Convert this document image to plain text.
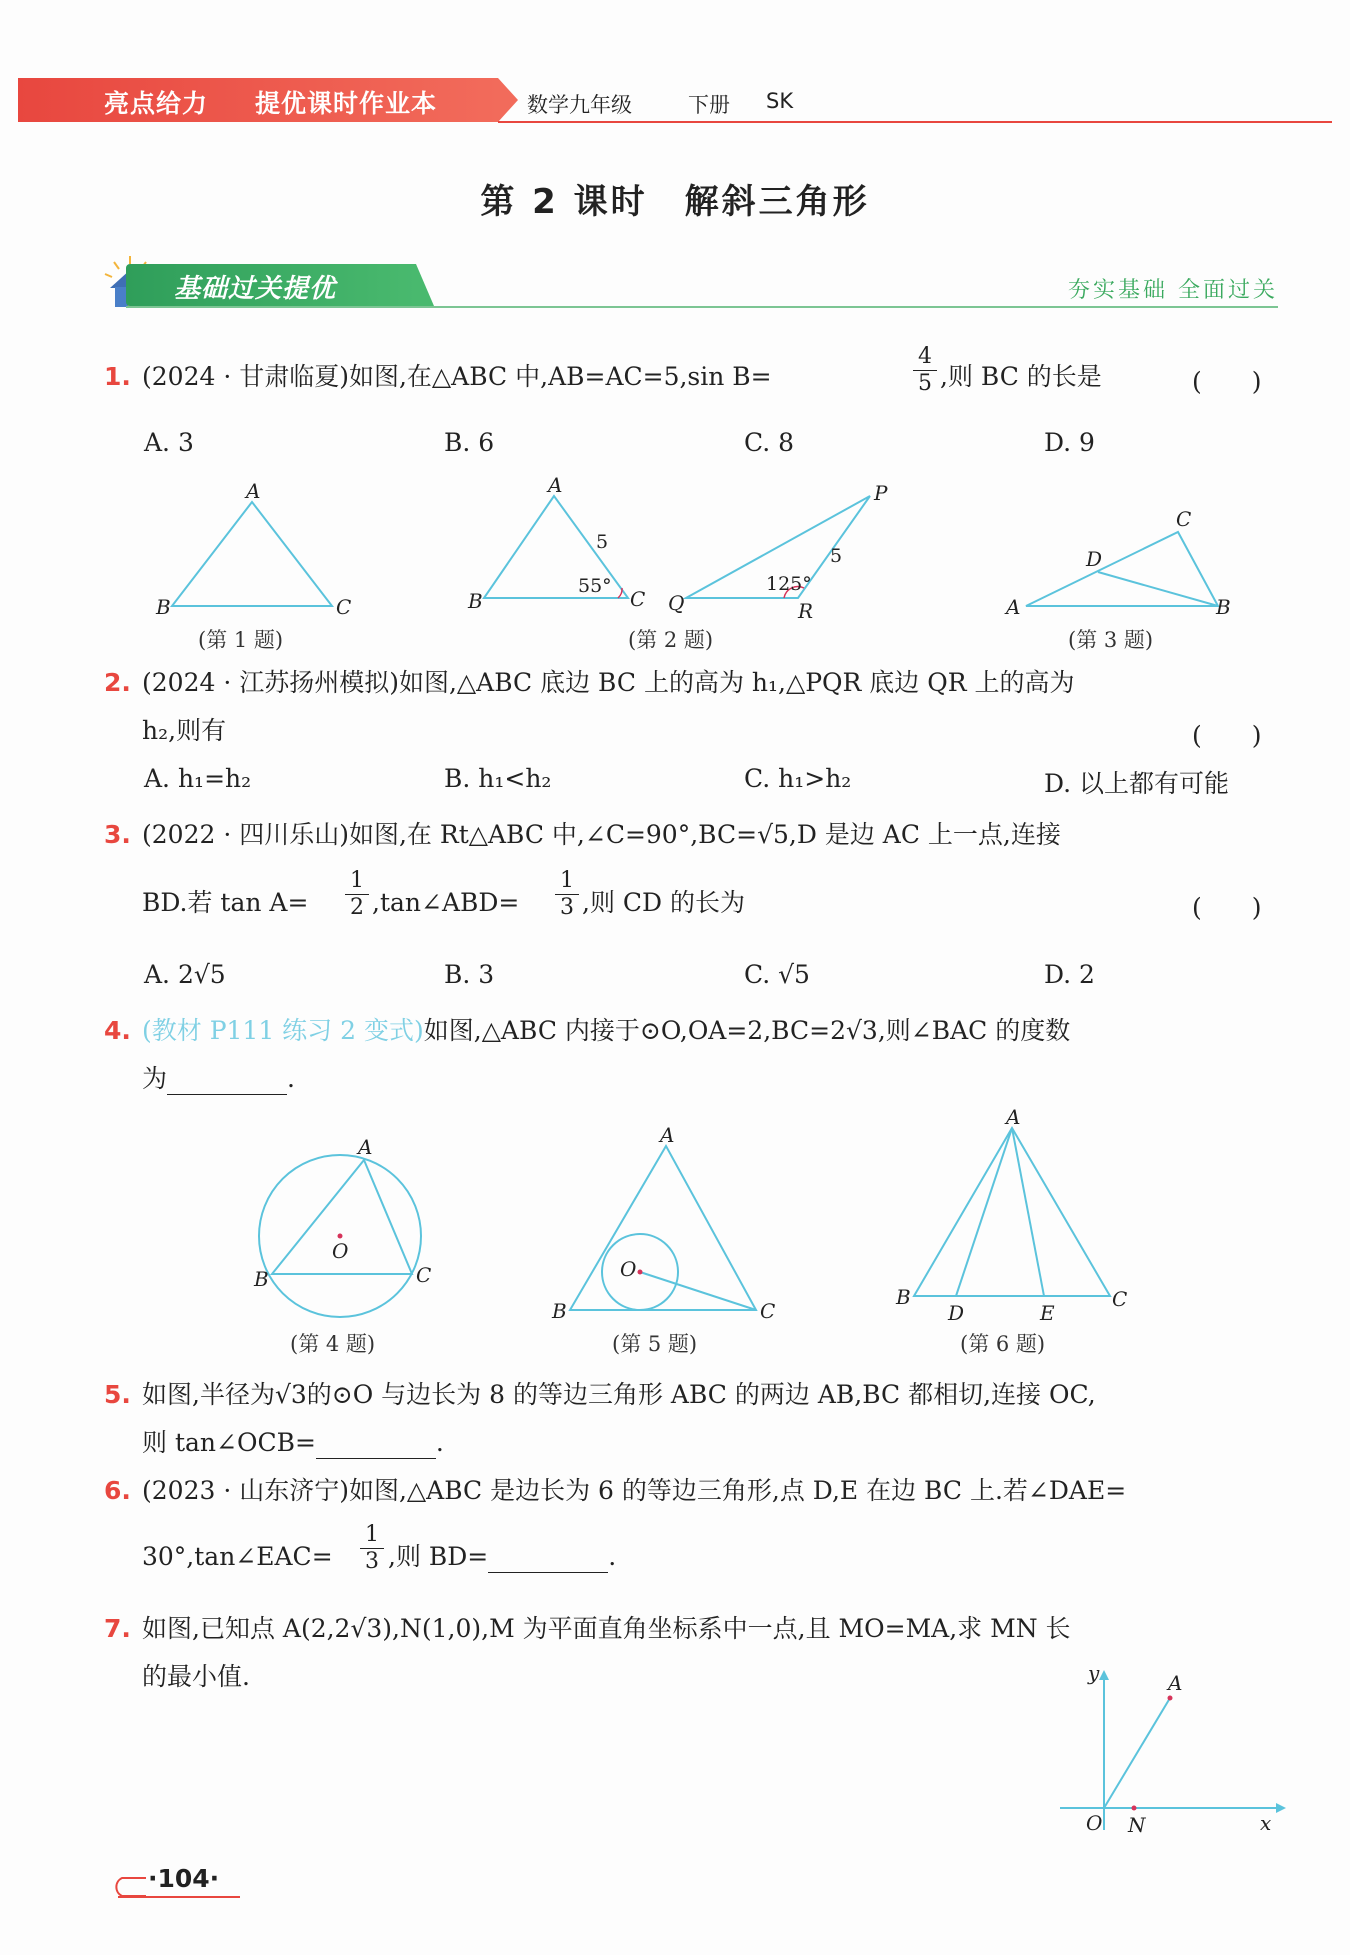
亮点给力 提优课时作业本	数学九年级	下册 SK
第 2 课时　解斜三角形
基础过关提优	夯实基础 全面过关
1. (2024 · 甘肃临夏)如图,在△ABC 中,AB=AC=5,sin B=	$\frac{4}{5}$ ,则 BC 的长是	(　　)
A. 3	B. 6	C. 8	D. 9
A
B	C
(第 1 题)
A
B	C
5
55°
P
Q	R
5
125°
(第 2 题)
C
D
A	B
(第 3 题)
2. (2024 · 江苏扬州模拟)如图,△ABC 底边 BC 上的高为 h₁,△PQR 底边 QR 上的高为
h₂,则有	(　　)
A. h₁=h₂	B. h₁<h₂	C. h₁>h₂	D. 以上都有可能
3. (2022 · 四川乐山)如图,在 Rt△ABC 中,∠C=90°,BC=√5,D 是边 AC 上一点,连接
BD.若 $\tan A= \frac{1}{2}$ ,tan∠ABD= $\frac{1}{3}$ ,则 CD 的长为	(　　)
A. 2√5	B. 3	C. √5	D. 2
4. (教材 P111 练习 2 变式)如图,△ABC 内接于⊙O,OA=2,BC=2√3,则∠BAC 的度数
为	.
A
B	C
O
(第 4 题)
A
B	C
O
(第 5 题)
A
B	C
D	E
(第 6 题)
5. 如图,半径为√3的⊙O 与边长为 8 的等边三角形 ABC 的两边 AB,BC 都相切,连接 OC,
则 tan∠OCB=	.
6. (2023 · 山东济宁)如图,△ABC 是边长为 6 的等边三角形,点 D,E 在边 BC 上.若∠DAE=
30°,tan∠EAC= $\frac{1}{3}$ ,则 BD=	.
7. 如图,已知点 A(2,2√3),N(1,0),M 为平面直角坐标系中一点,且 MO=MA,求 MN 长
的最小值.	y	A
O N	x
·104·
